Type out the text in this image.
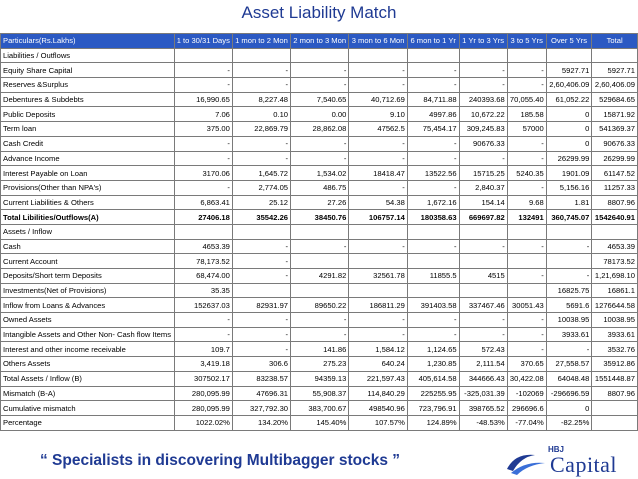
Asset Liability Match
Particulars(Rs.Lakhs)	1 to 30/31 Days	1 mon to 2 Mon	2 mon to 3 Mon	3 mon to 6 Mon	6 mon to 1 Yr	1 Yr to 3 Yrs	3 to 5 Yrs	Over 5 Yrs	Total
Liabilities / Outflows									
Equity Share Capital	-	-	-	-	-	-	-	5927.71	5927.71
Reserves &Surplus	-	-	-	-	-	-	-	2,60,406.09	2,60,406.09
Debentures & Subdebts	16,990.65	8,227.48	7,540.65	40,712.69	84,711.88	240393.68	70,055.40	61,052.22	529684.65
Public Deposits	7.06	0.10	0.00	9.10	4997.86	10,672.22	185.58	0	15871.92
Term loan	375.00	22,869.79	28,862.08	47562.5	75,454.17	309,245.83	57000	0	541369.37
Cash Credit	-	-	-	-	-	90676.33	-	0	90676.33
Advance Income	-	-	-	-	-	-	-	26299.99	26299.99
Interest Payable on Loan	3170.06	1,645.72	1,534.02	18418.47	13522.56	15715.25	5240.35	1901.09	61147.52
Provisions(Other than NPA's)	-	2,774.05	486.75	-	-	2,840.37	-	5,156.16	11257.33
Current Liabilities & Others	6,863.41	25.12	27.26	54.38	1,672.16	154.14	9.68	1.81	8807.96
Total Libilities/Outflows(A)	27406.18	35542.26	38450.76	106757.14	180358.63	669697.82	132491	360,745.07	1542640.91
Assets / Inflow									
Cash	4653.39	-	-	-	-	-	-	-	4653.39
Current Account	78,173.52	-							78173.52
Deposits/Short term Deposits	68,474.00	-	4291.82	32561.78	11855.5	4515	-	-	1,21,698.10
Investments(Net of Provisions)	35.35							16825.75	16861.1
Inflow from Loans & Advances	152637.03	82931.97	89650.22	186811.29	391403.58	337467.46	30051.43	5691.6	1276644.58
Owned Assets	-	-	-	-	-	-	-	10038.95	10038.95
Intangible Assets and Other Non- Cash flow Items	-	-	-	-	-	-	-	3933.61	3933.61
Interest and other income receivable	109.7	-	141.86	1,584.12	1,124.65	572.43	-	-	3532.76
Others Assets	3,419.18	306.6	275.23	640.24	1,230.85	2,111.54	370.65	27,558.57	35912.86
Total Assets / Inflow (B)	307502.17	83238.57	94359.13	221,597.43	405,614.58	344666.43	30,422.08	64048.48	1551448.87
Mismatch (B-A)	280,095.99	47696.31	55,908.37	114,840.29	225255.95	-325,031.39	-102069	-296696.59	8807.96
Cumulative mismatch	280,095.99	327,792.30	383,700.67	498540.96	723,796.91	398765.52	296696.6	0	
Percentage	1022.02%	134.20%	145.40%	107.57%	124.89%	-48.53%	-77.04%	-82.25%	
“ Specialists in discovering Multibagger stocks ”
HBJ
Capital
